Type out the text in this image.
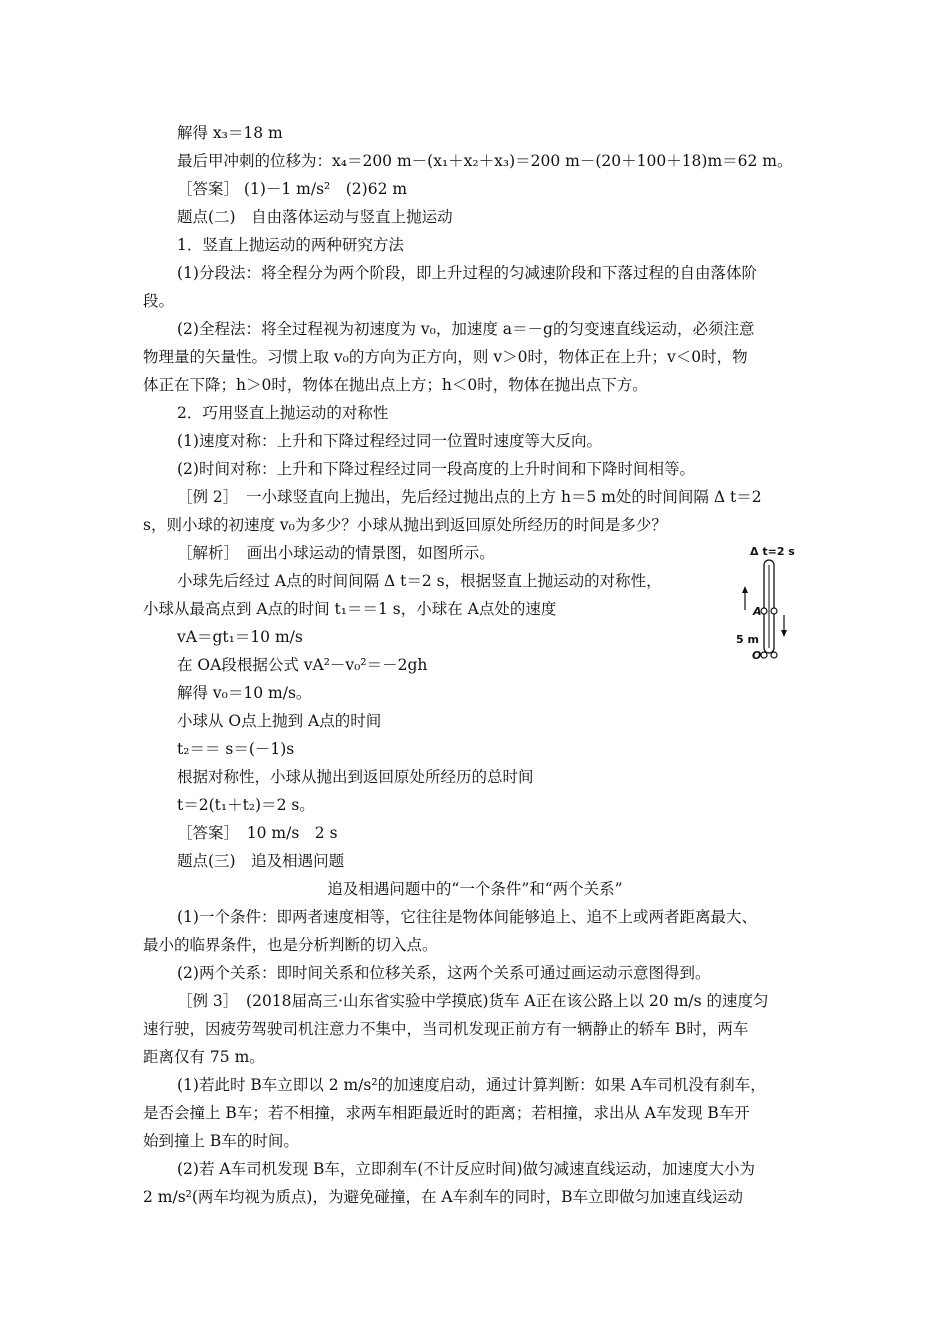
解得 x₃＝18 m
最后甲冲刺的位移为：x₄＝200 m－(x₁＋x₂＋x₃)＝200 m－(20＋100＋18)m＝62 m。
［答案］ (1)－1 m/s²　(2)62 m
题点(二)　自由落体运动与竖直上抛运动
1．竖直上抛运动的两种研究方法
(1)分段法：将全程分为两个阶段，即上升过程的匀减速阶段和下落过程的自由落体阶
段。
(2)全程法：将全过程视为初速度为 v₀，加速度 a＝－g的匀变速直线运动，必须注意
物理量的矢量性。习惯上取 v₀的方向为正方向，则 v＞0时，物体正在上升；v＜0时，物
体正在下降；h＞0时，物体在抛出点上方；h＜0时，物体在抛出点下方。
2．巧用竖直上抛运动的对称性
(1)速度对称：上升和下降过程经过同一位置时速度等大反向。
(2)时间对称：上升和下降过程经过同一段高度的上升时间和下降时间相等。
［例 2］　一小球竖直向上抛出，先后经过抛出点的上方 h＝5 m处的时间间隔 Δ t＝2
s，则小球的初速度 v₀为多少？小球从抛出到返回原处所经历的时间是多少？
［解析］　画出小球运动的情景图，如图所示。
小球先后经过 A点的时间间隔 Δ t＝2 s，根据竖直上抛运动的对称性，
小球从最高点到 A点的时间 t₁＝＝1 s，小球在 A点处的速度
vA＝gt₁＝10 m/s
在 OA段根据公式 vA²－v₀²＝－2gh
解得 v₀＝10 m/s。
小球从 O点上抛到 A点的时间
t₂＝＝ s＝(－1)s
根据对称性，小球从抛出到返回原处所经历的总时间
t＝2(t₁＋t₂)＝2 s。
［答案］　10 m/s　2 s
题点(三)　追及相遇问题
追及相遇问题中的“一个条件”和“两个关系”
(1)一个条件：即两者速度相等，它往往是物体间能够追上、追不上或两者距离最大、
最小的临界条件，也是分析判断的切入点。
(2)两个关系：即时间关系和位移关系，这两个关系可通过画运动示意图得到。
［例 3］　(2018届高三·山东省实验中学摸底)货车 A正在该公路上以 20 m/s 的速度匀
速行驶，因疲劳驾驶司机注意力不集中，当司机发现正前方有一辆静止的轿车 B时，两车
距离仅有 75 m。
(1)若此时 B车立即以 2 m/s²的加速度启动，通过计算判断：如果 A车司机没有刹车，
是否会撞上 B车；若不相撞，求两车相距最近时的距离；若相撞，求出从 A车发现 B车开
始到撞上 B车的时间。
(2)若 A车司机发现 B车，立即刹车(不计反应时间)做匀减速直线运动，加速度大小为
2 m/s²(两车均视为质点)，为避免碰撞，在 A车刹车的同时，B车立即做匀加速直线运动
Δ t=2 s
A
5 m
O
